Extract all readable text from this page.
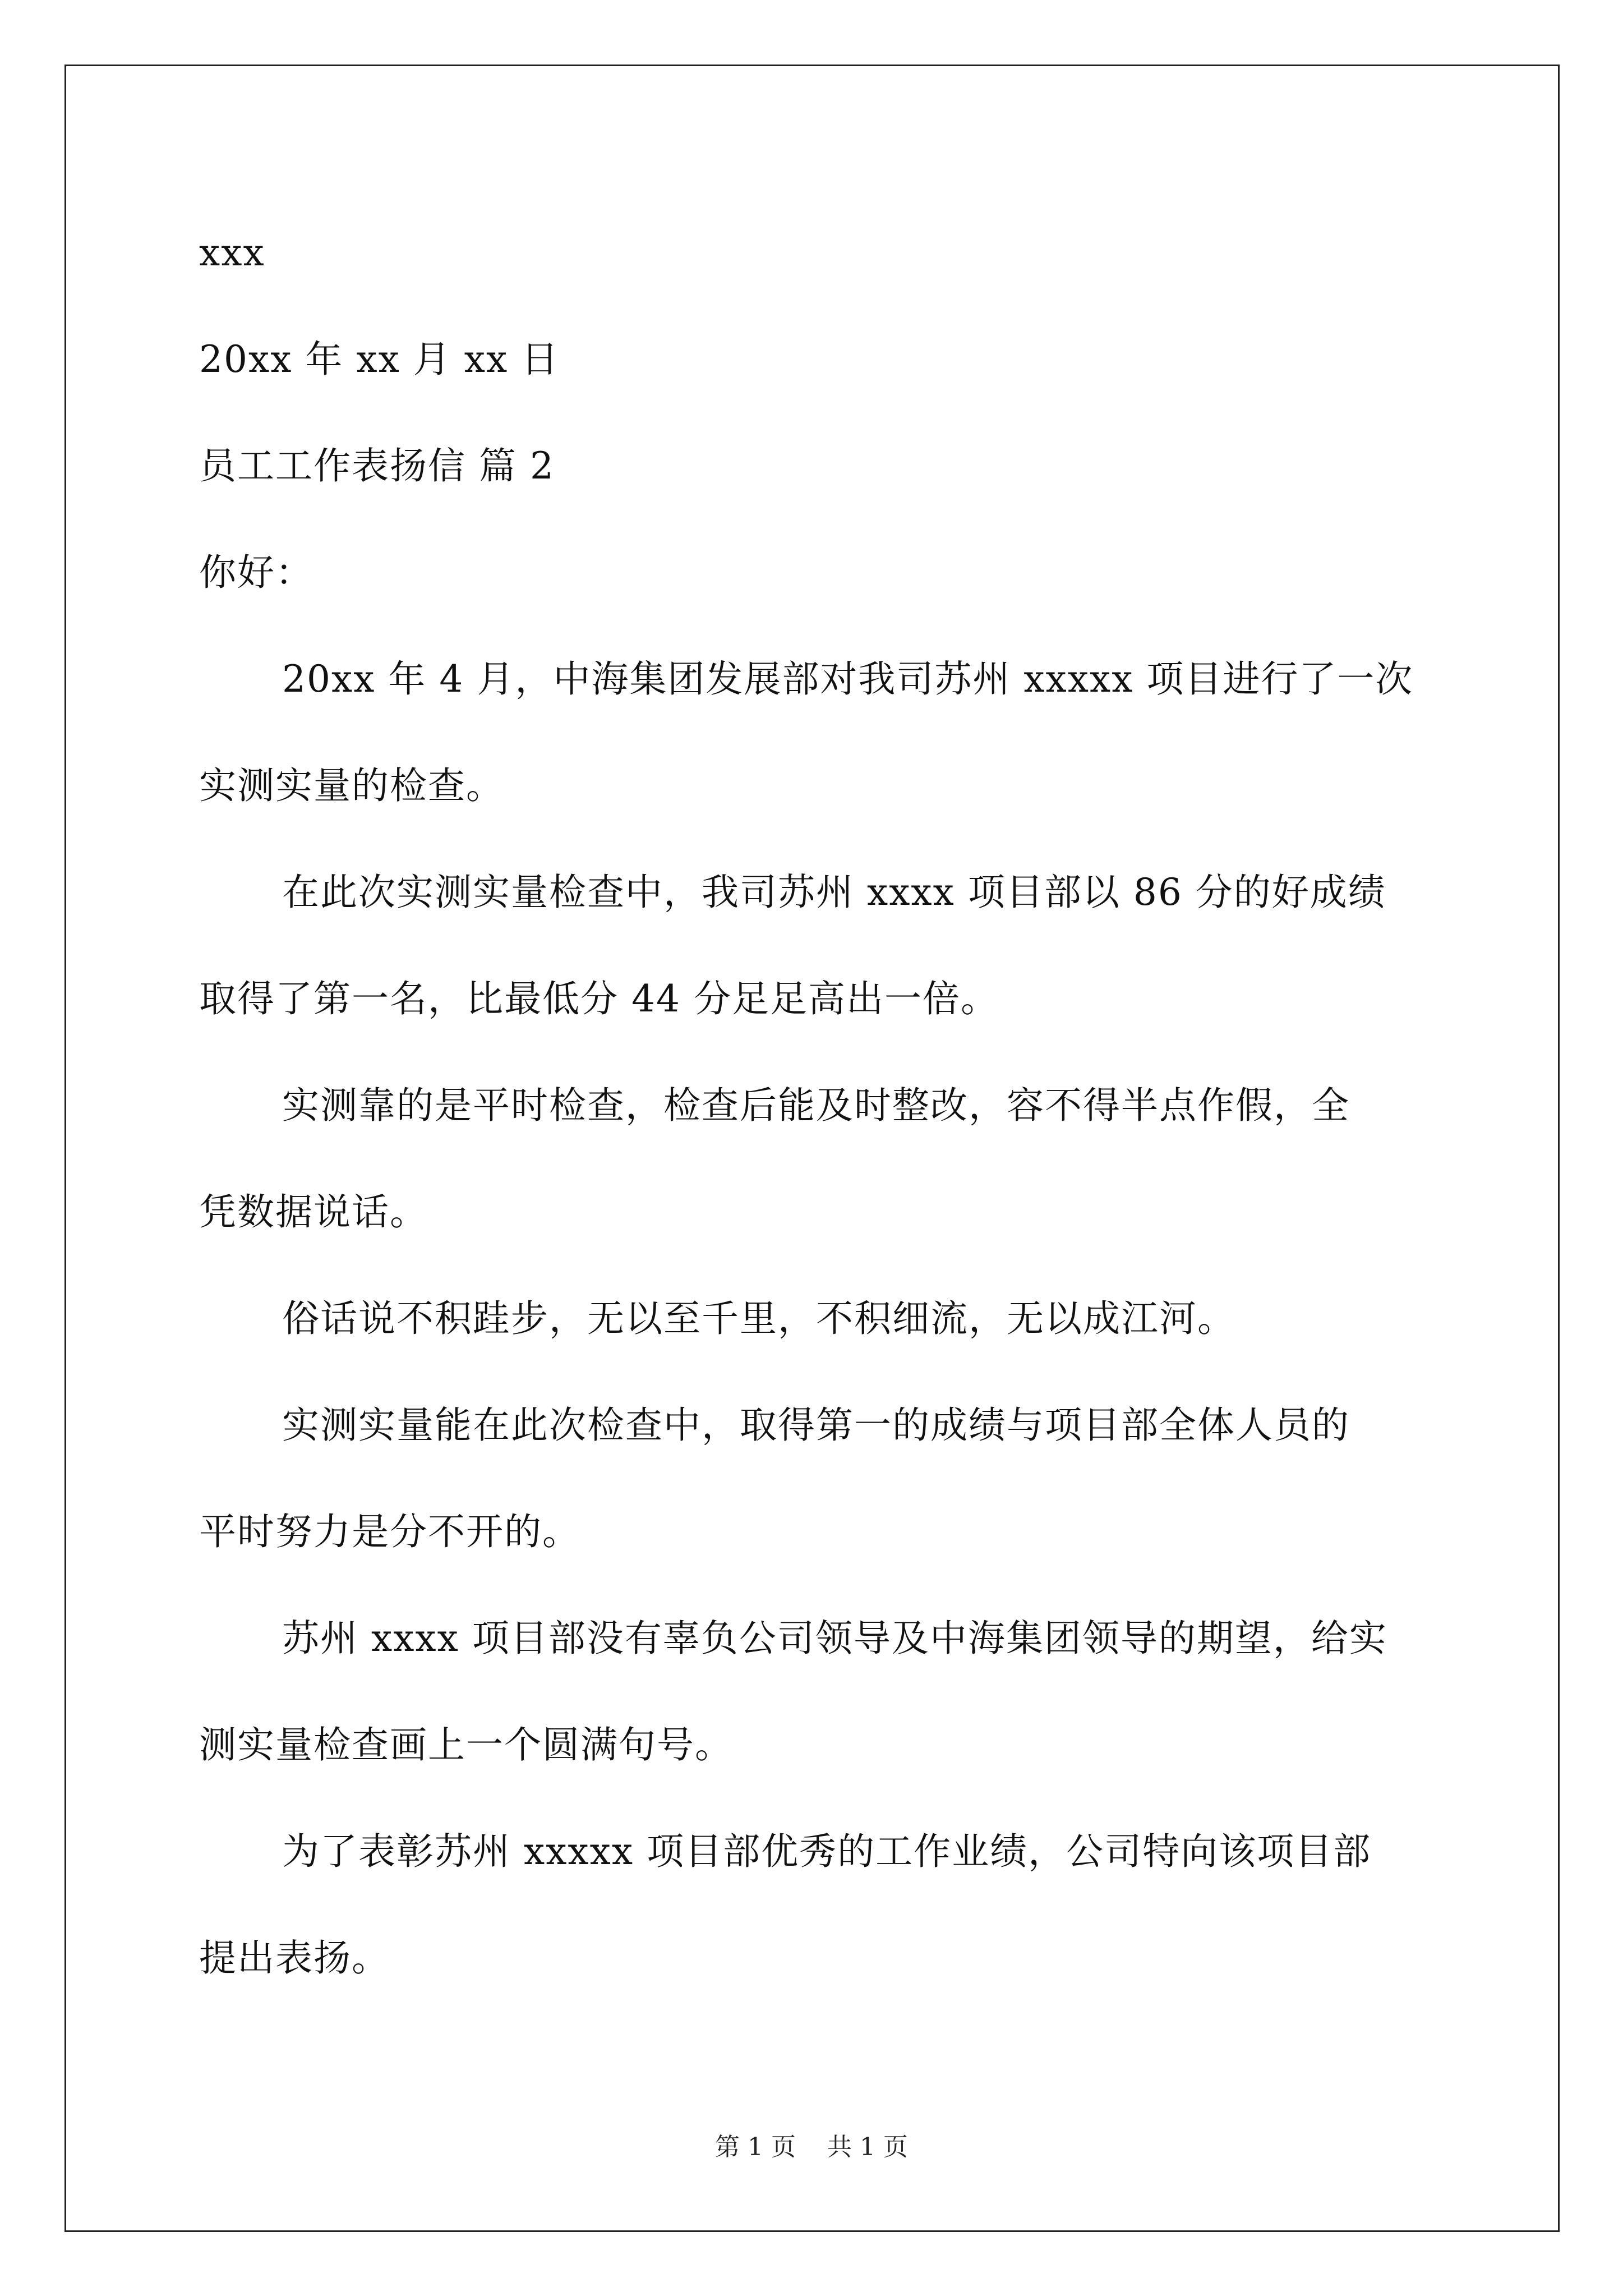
xxx
20xx 年 xx 月 xx 日
员工工作表扬信 篇 2
你好：
20xx 年 4 月，中海集团发展部对我司苏州 xxxxx 项目进行了一次
实测实量的检查。
在此次实测实量检查中，我司苏州 xxxx 项目部以 86 分的好成绩
取得了第一名，比最低分 44 分足足高出一倍。
实测靠的是平时检查，检查后能及时整改，容不得半点作假，全
凭数据说话。
俗话说不积跬步，无以至千里，不积细流，无以成江河。
实测实量能在此次检查中，取得第一的成绩与项目部全体人员的
平时努力是分不开的。
苏州 xxxx 项目部没有辜负公司领导及中海集团领导的期望，给实
测实量检查画上一个圆满句号。
为了表彰苏州 xxxxx 项目部优秀的工作业绩，公司特向该项目部
提出表扬。
第 1 页    共 1 页
